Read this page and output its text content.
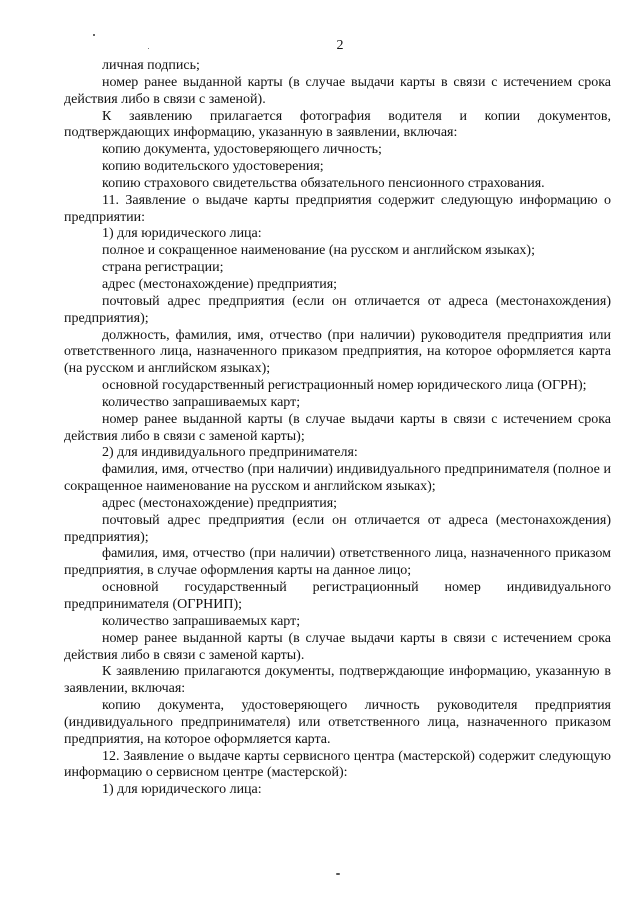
2

личная подпись;

номер ранее выданной карты (в случае выдачи карты в связи с истечением срока действия либо в связи с заменой).

К заявлению прилагается фотография водителя и копии документов, подтверждающих информацию, указанную в заявлении, включая:

копию документа, удостоверяющего личность;

копию водительского удостоверения;

копию страхового свидетельства обязательного пенсионного страхования.

11. Заявление о выдаче карты предприятия содержит следующую информацию о предприятии:

1) для юридического лица:

полное и сокращенное наименование (на русском и английском языках);

страна регистрации;

адрес (местонахождение) предприятия;

почтовый адрес предприятия (если он отличается от адреса (местонахождения) предприятия);

должность, фамилия, имя, отчество (при наличии) руководителя предприятия или ответственного лица, назначенного приказом предприятия, на которое оформляется карта (на русском и английском языках);

основной государственный регистрационный номер юридического лица (ОГРН);

количество запрашиваемых карт;

номер ранее выданной карты (в случае выдачи карты в связи с истечением срока действия либо в связи с заменой карты);

2) для индивидуального предпринимателя:

фамилия, имя, отчество (при наличии) индивидуального предпринимателя (полное и сокращенное наименование на русском и английском языках);

адрес (местонахождение) предприятия;

почтовый адрес предприятия (если он отличается от адреса (местонахождения) предприятия);

фамилия, имя, отчество (при наличии) ответственного лица, назначенного приказом предприятия, в случае оформления карты на данное лицо;

основной государственный регистрационный номер индивидуального предпринимателя (ОГРНИП);

количество запрашиваемых карт;

номер ранее выданной карты (в случае выдачи карты в связи с истечением срока действия либо в связи с заменой карты).

К заявлению прилагаются документы, подтверждающие информацию, указанную в заявлении, включая:

копию документа, удостоверяющего личность руководителя предприятия (индивидуального предпринимателя) или ответственного лица, назначенного приказом предприятия, на которое оформляется карта.

12. Заявление о выдаче карты сервисного центра (мастерской) содержит следующую информацию о сервисном центре (мастерской):

1) для юридического лица:
